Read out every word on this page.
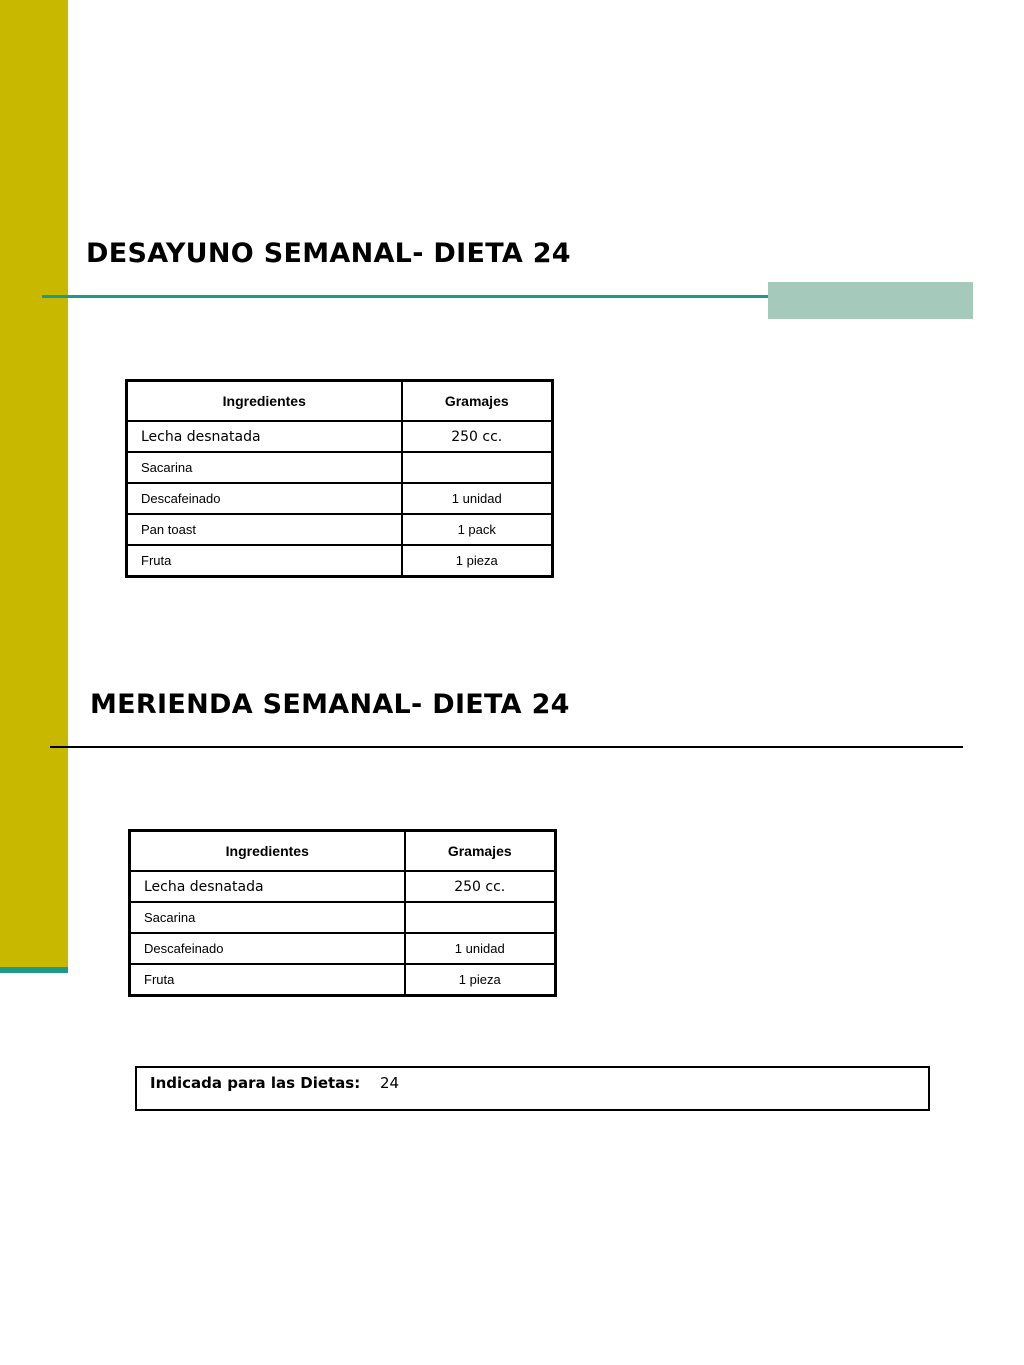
DESAYUNO SEMANAL- DIETA 24
Ingredientes	Gramajes
Lecha desnatada	250 cc.
Sacarina	
Descafeinado	1 unidad
Pan toast	1 pack
Fruta	1 pieza
MERIENDA SEMANAL- DIETA 24
Ingredientes	Gramajes
Lecha desnatada	250 cc.
Sacarina	
Descafeinado	1 unidad
Fruta	1 pieza
Indicada para las Dietas: 24
